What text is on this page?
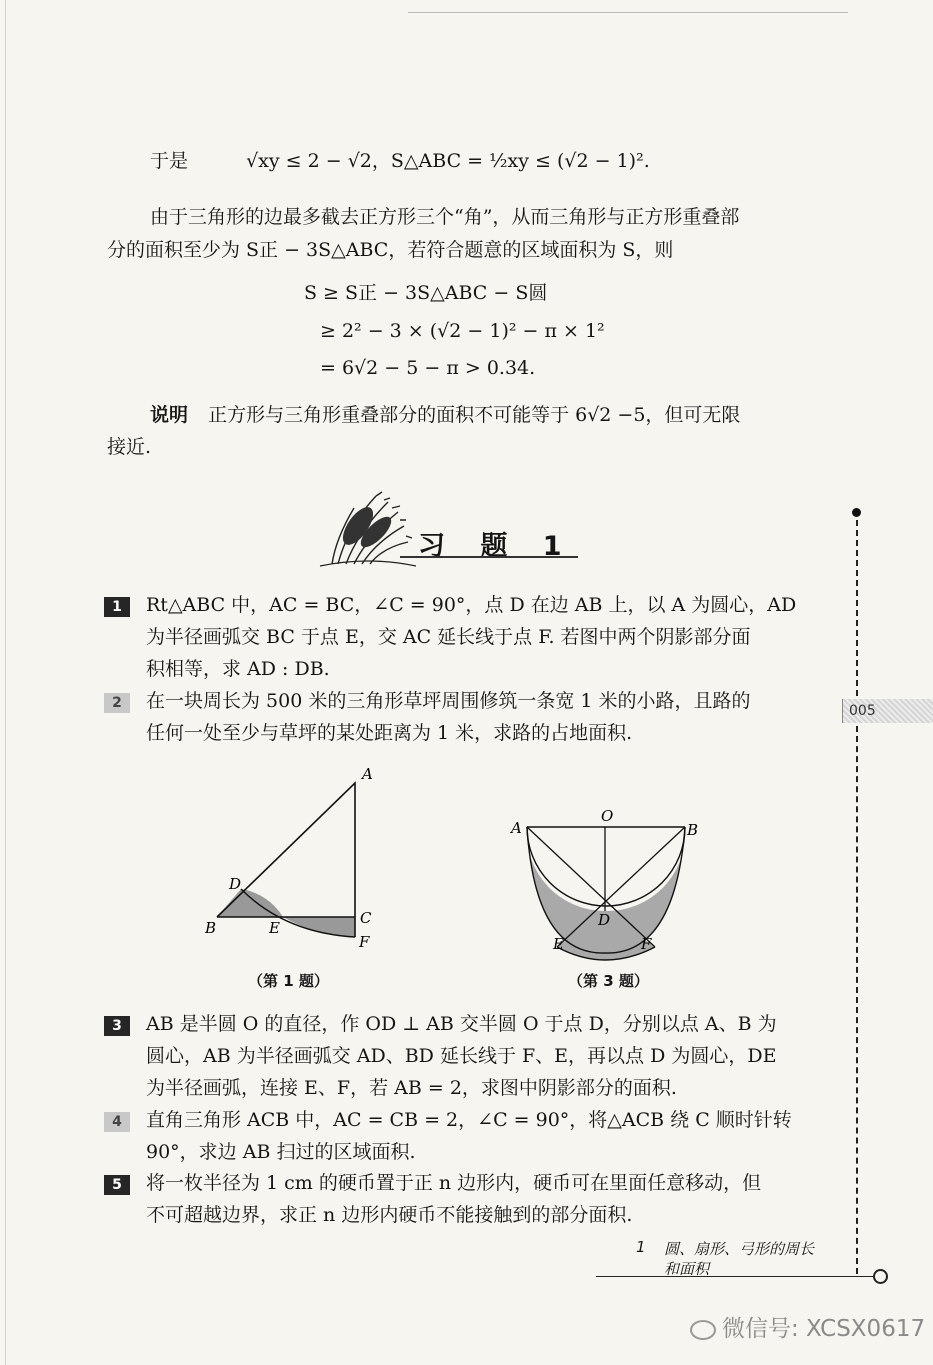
于是	√xy ≤ 2 − √2，S△ABC = ½xy ≤ (√2 − 1)².
由于三角形的边最多截去正方形三个“角”，从而三角形与正方形重叠部
分的面积至少为 S正 − 3S△ABC，若符合题意的区域面积为 S，则
S ≥ S正 − 3S△ABC − S圆
≥ 2² − 3 × (√2 − 1)² − π × 1²
= 6√2 − 5 − π > 0.34.
说明 正方形与三角形重叠部分的面积不可能等于 6√2 −5，但可无限
接近.
习 题 1
1	Rt△ABC 中，AC = BC，∠C = 90°，点 D 在边 AB 上，以 A 为圆心，AD
为半径画弧交 BC 于点 E，交 AC 延长线于点 F. 若图中两个阴影部分面
积相等，求 AD : DB.
2	在一块周长为 500 米的三角形草坪周围修筑一条宽 1 米的小路，且路的
任何一处至少与草坪的某处距离为 1 米，求路的占地面积.
A
D
B	E
C
F
（第 1 题）
O
A	B
D
E	F
（第 3 题）
3	AB 是半圆 O 的直径，作 OD ⊥ AB 交半圆 O 于点 D，分别以点 A、B 为
圆心，AB 为半径画弧交 AD、BD 延长线于 F、E，再以点 D 为圆心，DE
为半径画弧，连接 E、F，若 AB = 2，求图中阴影部分的面积.
4	直角三角形 ACB 中，AC = CB = 2，∠C = 90°，将△ACB 绕 C 顺时针转
90°，求边 AB 扫过的区域面积.
5	将一枚半径为 1 cm 的硬币置于正 n 边形内，硬币可在里面任意移动，但
不可超越边界，求正 n 边形内硬币不能接触到的部分面积.
005
1 圆、扇形、弓形的周长
和面积
微信号: XCSX0617
